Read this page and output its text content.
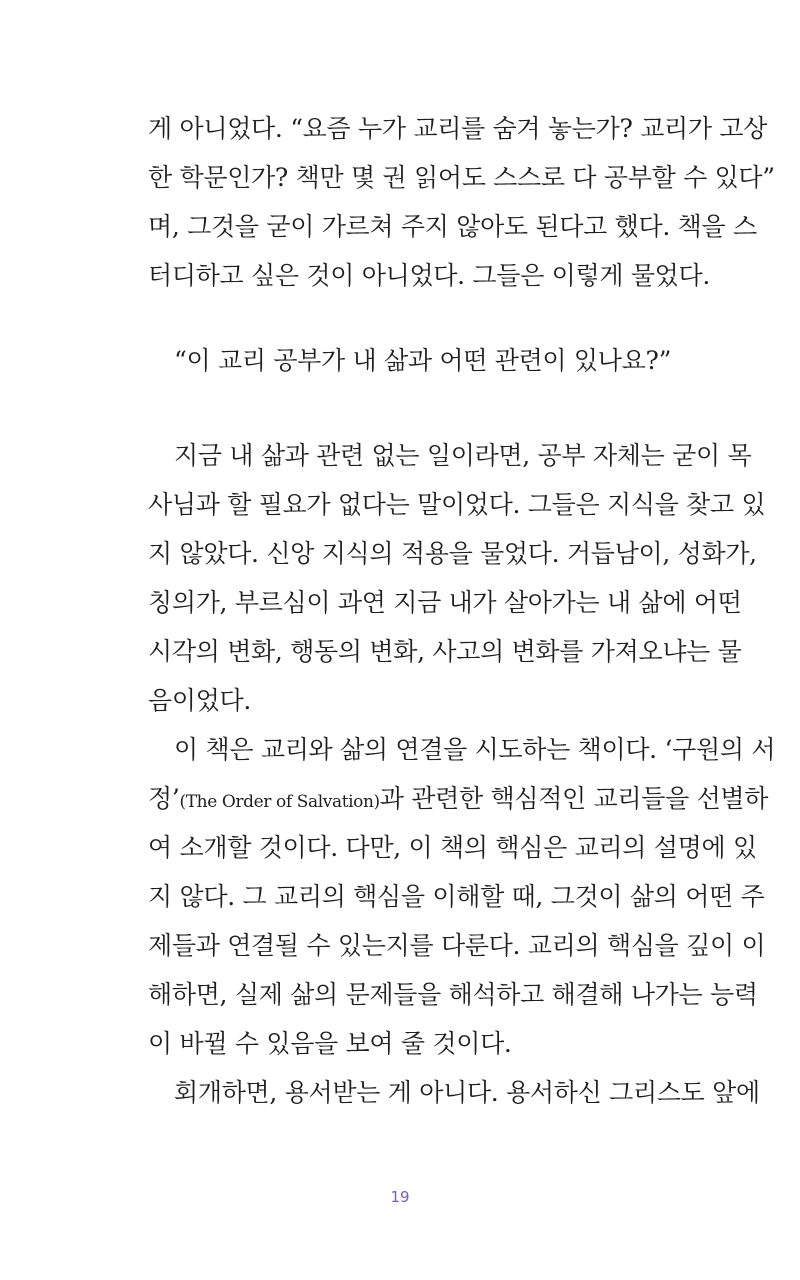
게 아니었다. “요즘 누가 교리를 숨겨 놓는가? 교리가 고상
한 학문인가? 책만 몇 권 읽어도 스스로 다 공부할 수 있다”
며, 그것을 굳이 가르쳐 주지 않아도 된다고 했다. 책을 스
터디하고 싶은 것이 아니었다. 그들은 이렇게 물었다.
“이 교리 공부가 내 삶과 어떤 관련이 있나요?”
지금 내 삶과 관련 없는 일이라면, 공부 자체는 굳이 목
사님과 할 필요가 없다는 말이었다. 그들은 지식을 찾고 있
지 않았다. 신앙 지식의 적용을 물었다. 거듭남이, 성화가,
칭의가, 부르심이 과연 지금 내가 살아가는 내 삶에 어떤
시각의 변화, 행동의 변화, 사고의 변화를 가져오냐는 물
음이었다.
이 책은 교리와 삶의 연결을 시도하는 책이다. ‘구원의 서
정’(The Order of Salvation)과 관련한 핵심적인 교리들을 선별하
여 소개할 것이다. 다만, 이 책의 핵심은 교리의 설명에 있
지 않다. 그 교리의 핵심을 이해할 때, 그것이 삶의 어떤 주
제들과 연결될 수 있는지를 다룬다. 교리의 핵심을 깊이 이
해하면, 실제 삶의 문제들을 해석하고 해결해 나가는 능력
이 바뀔 수 있음을 보여 줄 것이다.
회개하면, 용서받는 게 아니다. 용서하신 그리스도 앞에
19
